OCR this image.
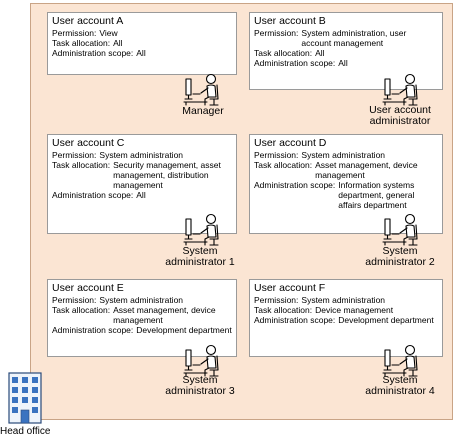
User account A
Permission: View
Task allocation: All
Administration scope: All
User account B
Permission: System administration, user account management
Task allocation: All
Administration scope: All
User account C
Permission: System administration
Task allocation: Security management, asset management, distribution management
Administration scope: All
User account D
Permission: System administration
Task allocation: Asset management, device management
Administration scope: Information systems department, general affairs department
User account E
Permission: System administration
Task allocation: Asset management, device management
Administration scope: Development department
User account F
Permission: System administration
Task allocation: Device management
Administration scope: Development department
Manager	User account
administrator
System
administrator 1
System
administrator 2
System
administrator 3
System
administrator 4
Head office
